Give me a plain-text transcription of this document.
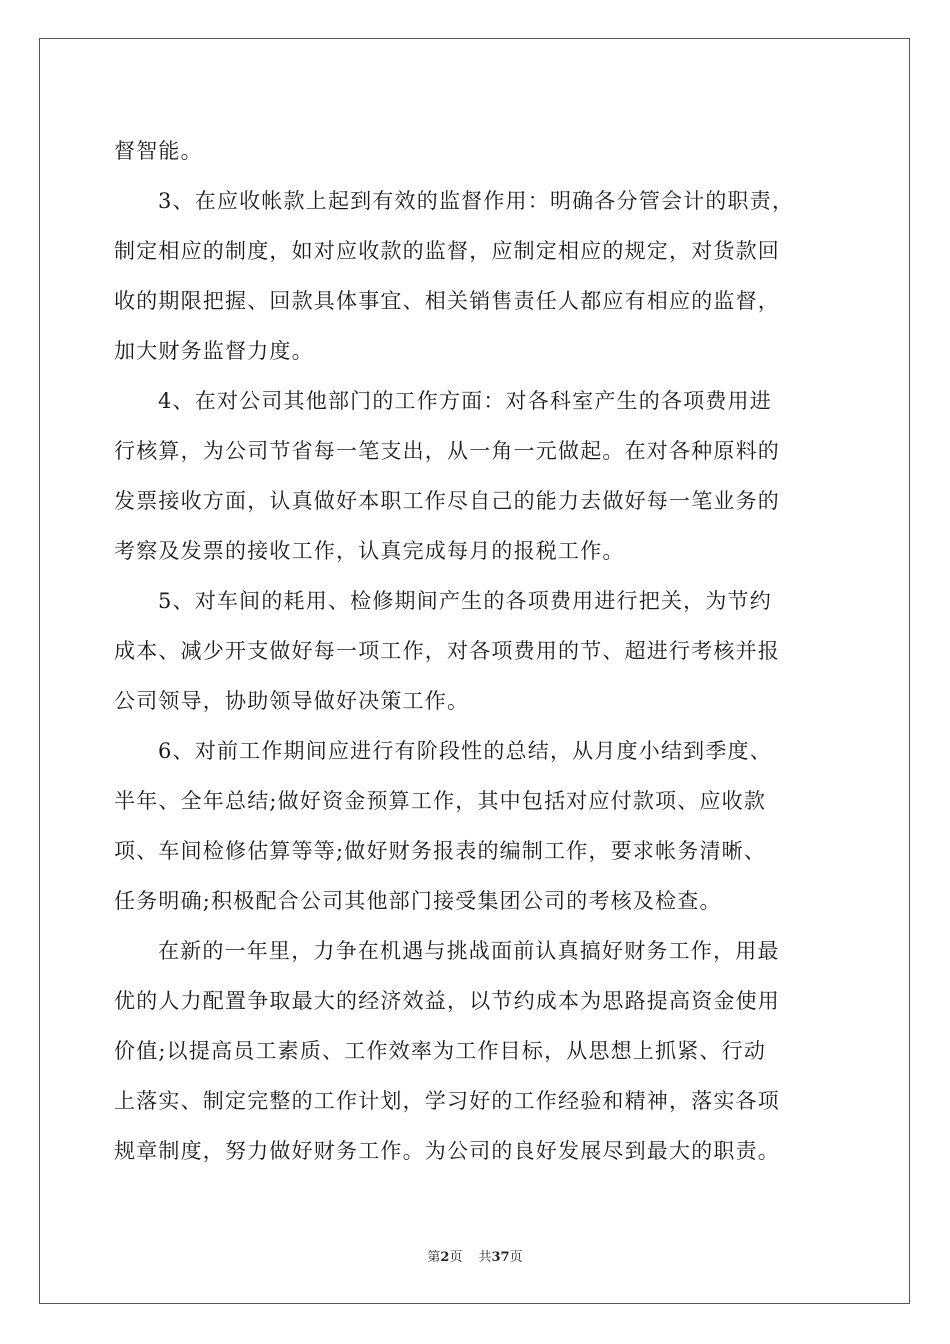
督智能。
3、在应收帐款上起到有效的监督作用：明确各分管会计的职责，
制定相应的制度，如对应收款的监督，应制定相应的规定，对货款回
收的期限把握、回款具体事宜、相关销售责任人都应有相应的监督，
加大财务监督力度。
4、在对公司其他部门的工作方面：对各科室产生的各项费用进
行核算，为公司节省每一笔支出，从一角一元做起。在对各种原料的
发票接收方面，认真做好本职工作尽自己的能力去做好每一笔业务的
考察及发票的接收工作，认真完成每月的报税工作。
5、对车间的耗用、检修期间产生的各项费用进行把关，为节约
成本、减少开支做好每一项工作，对各项费用的节、超进行考核并报
公司领导，协助领导做好决策工作。
6、对前工作期间应进行有阶段性的总结，从月度小结到季度、
半年、全年总结;做好资金预算工作，其中包括对应付款项、应收款
项、车间检修估算等等;做好财务报表的编制工作，要求帐务清晰、
任务明确;积极配合公司其他部门接受集团公司的考核及检查。
在新的一年里，力争在机遇与挑战面前认真搞好财务工作，用最
优的人力配置争取最大的经济效益，以节约成本为思路提高资金使用
价值;以提高员工素质、工作效率为工作目标，从思想上抓紧、行动
上落实、制定完整的工作计划，学习好的工作经验和精神，落实各项
规章制度，努力做好财务工作。为公司的良好发展尽到最大的职责。
第2页 共37页
